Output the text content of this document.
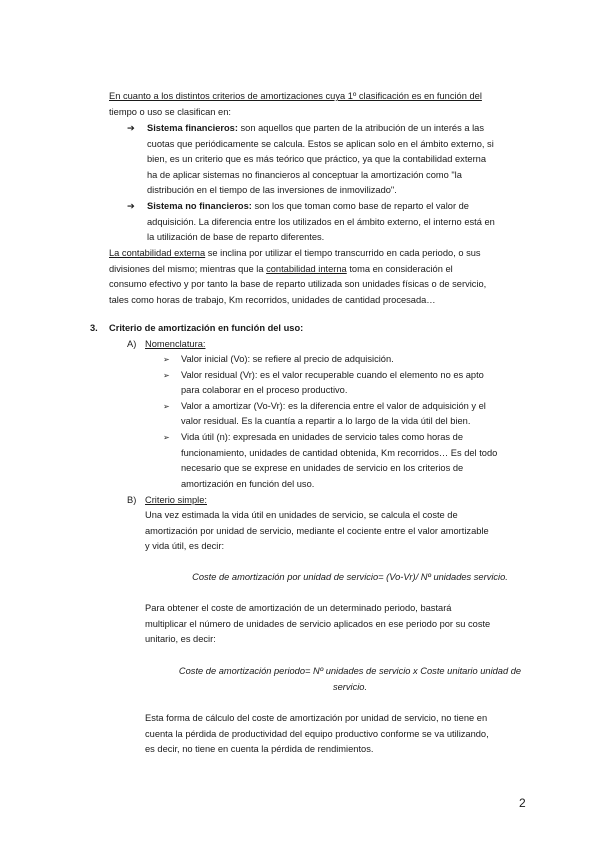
En cuanto a los distintos criterios de amortizaciones cuya 1º clasificación es en función del
tiempo o uso se clasifican en:
➔	Sistema financieros: son aquellos que parten de la atribución de un interés a las
cuotas que periódicamente se calcula. Estos se aplican solo en el ámbito externo, si
bien, es un criterio que es más teórico que práctico, ya que la contabilidad externa
ha de aplicar sistemas no financieros al conceptuar la amortización como "la
distribución en el tiempo de las inversiones de inmovilizado".
➔	Sistema no financieros: son los que toman como base de reparto el valor de
adquisición. La diferencia entre los utilizados en el ámbito externo, el interno está en
la utilización de base de reparto diferentes.
La contabilidad externa se inclina por utilizar el tiempo transcurrido en cada periodo, o sus
divisiones del mismo; mientras que la contabilidad interna toma en consideración el
consumo efectivo y por tanto la base de reparto utilizada son unidades físicas o de servicio,
tales como horas de trabajo, Km recorridos, unidades de cantidad procesada…
3. Criterio de amortización en función del uso:
A) Nomenclatura:
➢	Valor inicial (Vo): se refiere al precio de adquisición.
➢	Valor residual (Vr): es el valor recuperable cuando el elemento no es apto
para colaborar en el proceso productivo.
➢	Valor a amortizar (Vo-Vr): es la diferencia entre el valor de adquisición y el
valor residual. Es la cuantía a repartir a lo largo de la vida útil del bien.
➢	Vida útil (n): expresada en unidades de servicio tales como horas de
funcionamiento, unidades de cantidad obtenida, Km recorridos… Es del todo
necesario que se exprese en unidades de servicio en los criterios de
amortización en función del uso.
B) Criterio simple:
Una vez estimada la vida útil en unidades de servicio, se calcula el coste de
amortización por unidad de servicio, mediante el cociente entre el valor amortizable
y vida útil, es decir:
Coste de amortización por unidad de servicio= (Vo-Vr)/ Nº unidades servicio.
Para obtener el coste de amortización de un determinado periodo, bastará
multiplicar el número de unidades de servicio aplicados en ese periodo por su coste
unitario, es decir:
Coste de amortización periodo= Nº unidades de servicio x Coste unitario unidad de
servicio.
Esta forma de cálculo del coste de amortización por unidad de servicio, no tiene en
cuenta la pérdida de productividad del equipo productivo conforme se va utilizando,
es decir, no tiene en cuenta la pérdida de rendimientos.
2
